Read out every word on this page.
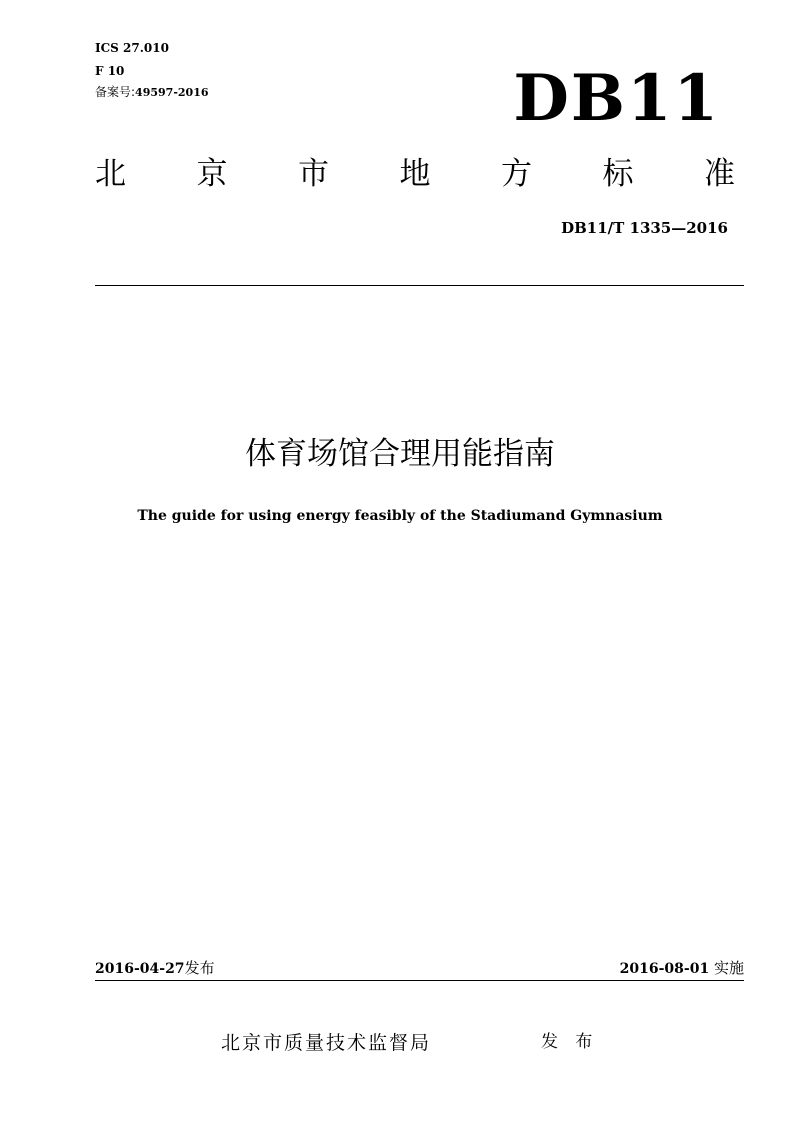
ICS 27.010
F 10
备案号:49597-2016	DB11
北 京 市 地 方 标 准
DB11/T 1335—2016
体育场馆合理用能指南
The guide for using energy feasibly of the Stadiumand Gymnasium
2016-04-27发布	2016-08-01 实施
北京市质量技术监督局	发 布
